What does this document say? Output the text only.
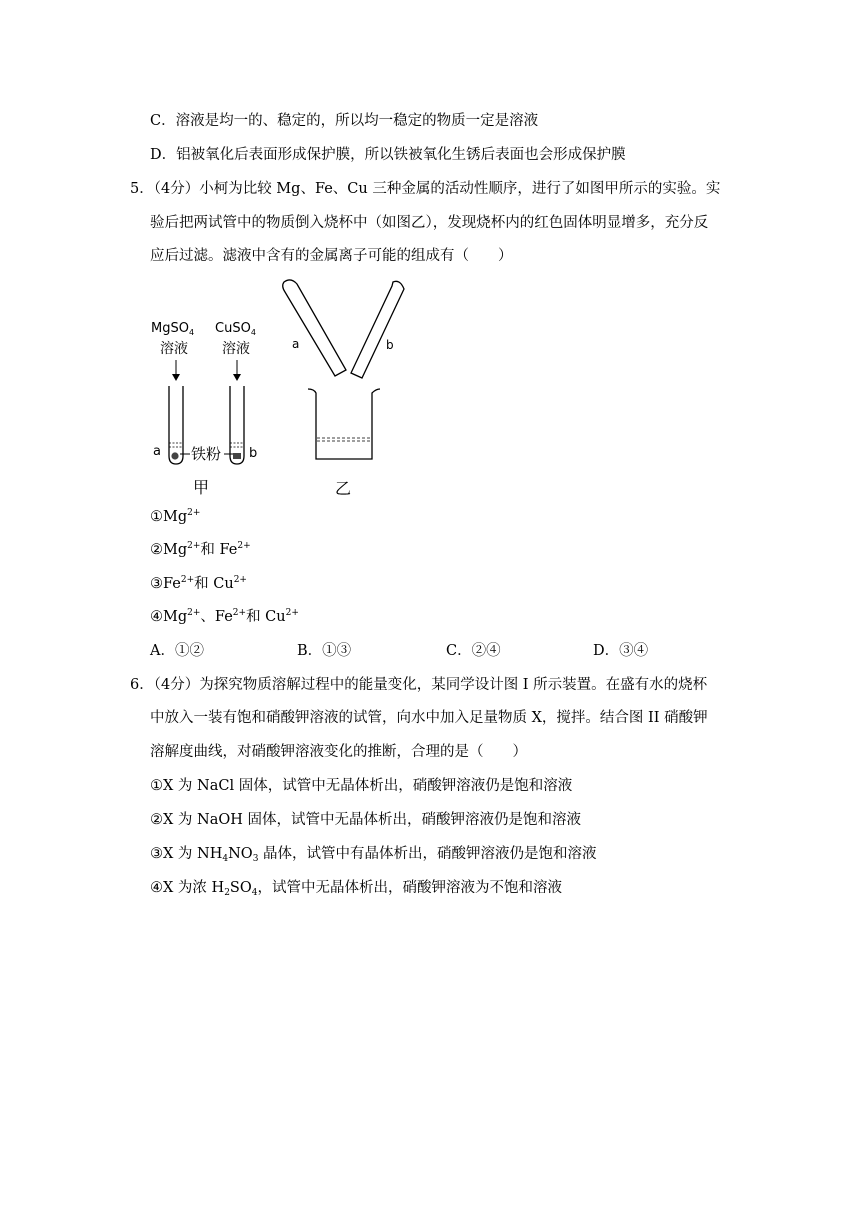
C．溶液是均一的、稳定的，所以均一稳定的物质一定是溶液
D．铝被氧化后表面形成保护膜，所以铁被氧化生锈后表面也会形成保护膜
5．（4分）小柯为比较 Mg、Fe、Cu 三种金属的活动性顺序，进行了如图甲所示的实验。实
验后把两试管中的物质倒入烧杯中（如图乙），发现烧杯内的红色固体明显增多，充分反
应后过滤。滤液中含有的金属离子可能的组成有（　　）
MgSO$_4$
溶液
CuSO$_4$
溶液
a	b
铁粉
甲
a	b
乙
$①Mg^{2+}$
$②Mg^{2+}$和 $Fe^{2+}$
$③Fe^{2+}$和 $Cu^{2+}$
$④Mg^{2+}$、$Fe^{2+}$和 $Cu^{2+}$
A．①②	B．①③	C．②④	D．③④
6．（4分）为探究物质溶解过程中的能量变化，某同学设计图 I 所示装置。在盛有水的烧杯
中放入一装有饱和硝酸钾溶液的试管，向水中加入足量物质 X，搅拌。结合图 II 硝酸钾
溶解度曲线，对硝酸钾溶液变化的推断，合理的是（　　）
①X 为 NaCl 固体，试管中无晶体析出，硝酸钾溶液仍是饱和溶液
②X 为 NaOH 固体，试管中无晶体析出，硝酸钾溶液仍是饱和溶液
③X 为 $NH_4NO_3$ 晶体，试管中有晶体析出，硝酸钾溶液仍是饱和溶液
④X 为浓 $H_2SO_4$，试管中无晶体析出，硝酸钾溶液为不饱和溶液
